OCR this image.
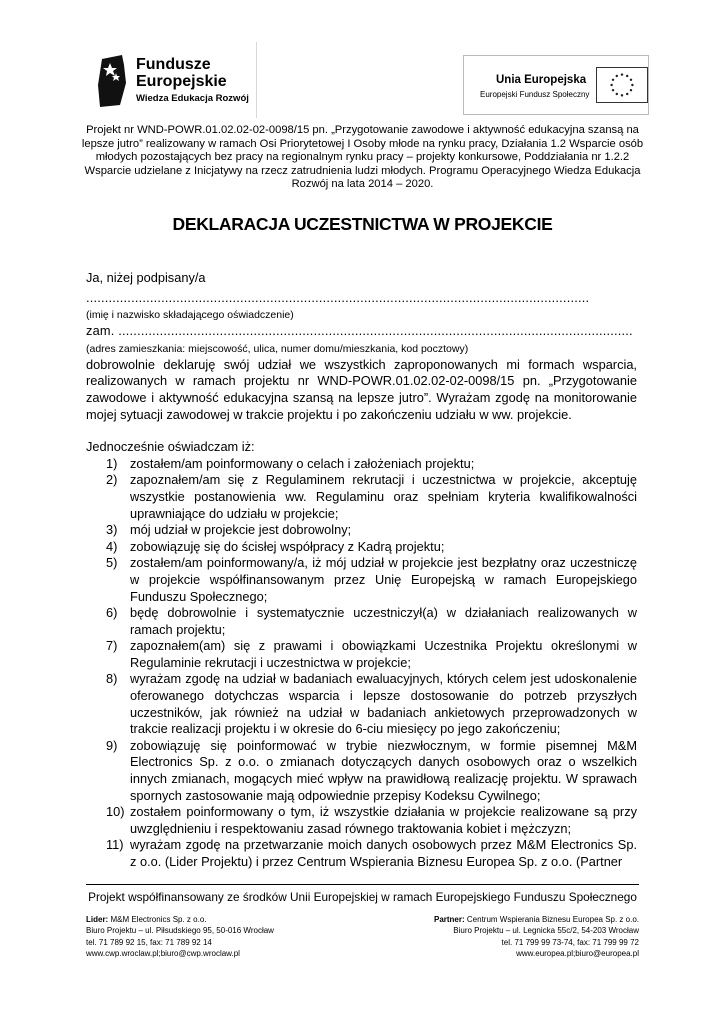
Fundusze
Europejskie
Wiedza Edukacja Rozwój
Unia Europejska
Europejski Fundusz Społeczny
Projekt nr WND-POWR.01.02.02-02-0098/15 pn. „Przygotowanie zawodowe i aktywność edukacyjna szansą na lepsze jutro” realizowany w ramach Osi Priorytetowej I Osoby młode na rynku pracy, Działania 1.2 Wsparcie osób młodych pozostających bez pracy na regionalnym rynku pracy – projekty konkursowe, Poddziałania nr 1.2.2 Wsparcie udzielane z Inicjatywy na rzecz zatrudnienia ludzi młodych. Programu Operacyjnego Wiedza Edukacja Rozwój na lata 2014 – 2020.
DEKLARACJA UCZESTNICTWA W PROJEKCIE

Ja, niżej podpisany/a

......................................................................................................................................

(imię i nazwisko składającego oświadczenie)

zam. .........................................................................................................................................

(adres zamieszkania: miejscowość, ulica, numer domu/mieszkania, kod pocztowy)

dobrowolnie deklaruję swój udział we wszystkich zaproponowanych mi formach wsparcia, realizowanych w ramach projektu nr WND-POWR.01.02.02-02-0098/15 pn. „Przygotowanie zawodowe i aktywność edukacyjna szansą na lepsze jutro”. Wyrażam zgodę na monitorowanie mojej sytuacji zawodowej w trakcie projektu i po zakończeniu udziału w ww. projekcie.

Jednocześnie oświadczam iż:

1) zostałem/am poinformowany o celach i założeniach projektu;
2) zapoznałem/am się z Regulaminem rekrutacji i uczestnictwa w projekcie, akceptuję wszystkie postanowienia ww. Regulaminu oraz spełniam kryteria kwalifikowalności uprawniające do udziału w projekcie;
3) mój udział w projekcie jest dobrowolny;
4) zobowiązuję się do ścisłej współpracy z Kadrą projektu;
5) zostałem/am poinformowany/a, iż mój udział w projekcie jest bezpłatny oraz uczestniczę w projekcie współfinansowanym przez Unię Europejską w ramach Europejskiego Funduszu Społecznego;
6) będę dobrowolnie i systematycznie uczestniczył(a) w działaniach realizowanych w ramach projektu;
7) zapoznałem(am) się z prawami i obowiązkami Uczestnika Projektu określonymi w Regulaminie rekrutacji i uczestnictwa w projekcie;
8) wyrażam zgodę na udział w badaniach ewaluacyjnych, których celem jest udoskonalenie oferowanego dotychczas wsparcia i lepsze dostosowanie do potrzeb przyszłych uczestników, jak również na udział w badaniach ankietowych przeprowadzonych w trakcie realizacji projektu i w okresie do 6-ciu miesięcy po jego zakończeniu;
9) zobowiązuję się poinformować w trybie niezwłocznym, w formie pisemnej M&M Electronics Sp. z o.o. o zmianach dotyczących danych osobowych oraz o wszelkich innych zmianach, mogących mieć wpływ na prawidłową realizację projektu. W sprawach spornych zastosowanie mają odpowiednie przepisy Kodeksu Cywilnego;
10) zostałem poinformowany o tym, iż wszystkie działania w projekcie realizowane są przy uwzględnieniu i respektowaniu zasad równego traktowania kobiet i mężczyzn;
11) wyrażam zgodę na przetwarzanie moich danych osobowych przez M&M Electronics Sp. z o.o. (Lider Projektu) i przez Centrum Wspierania Biznesu Europea Sp. z o.o. (Partner
Projekt współfinansowany ze środków Unii Europejskiej w ramach Europejskiego Funduszu Społecznego
Lider: M&M Electronics Sp. z o.o.
Biuro Projektu – ul. Piłsudskiego 95, 50-016 Wrocław
tel. 71 789 92 15, fax: 71 789 92 14
www.cwp.wroclaw.pl;biuro@cwp.wroclaw.pl
Partner: Centrum Wspierania Biznesu Europea Sp. z o.o.
Biuro Projektu – ul. Legnicka 55c/2, 54-203 Wrocław
tel. 71 799 99 73-74, fax: 71 799 99 72
www.europea.pl;biuro@europea.pl
